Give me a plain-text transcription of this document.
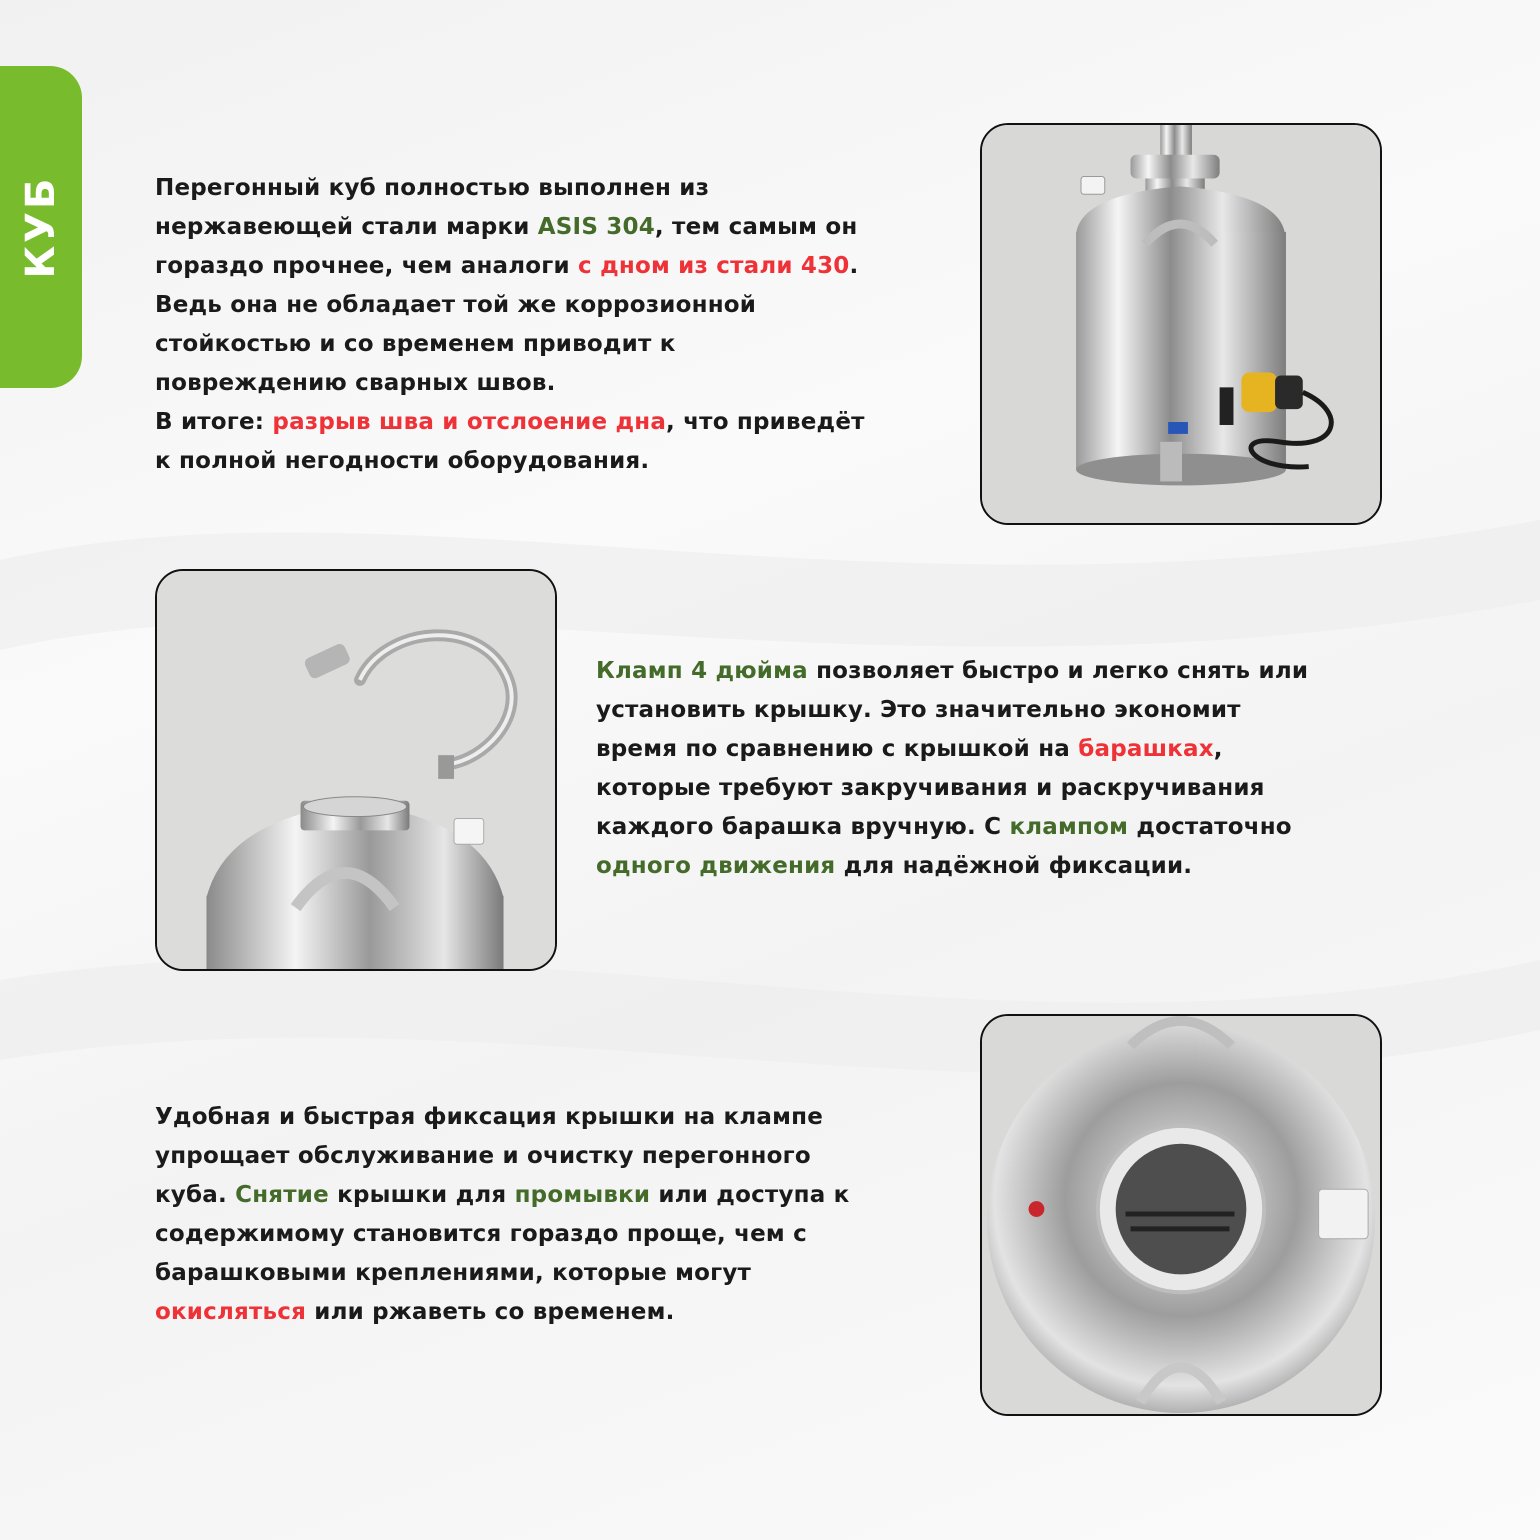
КУБ	Перегонный куб полностью выполнен из
нержавеющей стали марки ASIS 304, тем самым он
гораздо прочнее, чем аналоги с дном из стали 430.
Ведь она не обладает той же коррозионной
стойкостью и со временем приводит к
повреждению сварных швов.
В итоге: разрыв шва и отслоение дна, что приведёт
к полной негодности оборудования.
Кламп 4 дюйма позволяет быстро и легко снять или
установить крышку. Это значительно экономит
время по сравнению с крышкой на барашках,
которые требуют закручивания и раскручивания
каждого барашка вручную. С клампом достаточно
одного движения для надёжной фиксации.
Удобная и быстрая фиксация крышки на клампе
упрощает обслуживание и очистку перегонного
куба. Снятие крышки для промывки или доступа к
содержимому становится гораздо проще, чем с
барашковыми креплениями, которые могут
окисляться или ржаветь со временем.
